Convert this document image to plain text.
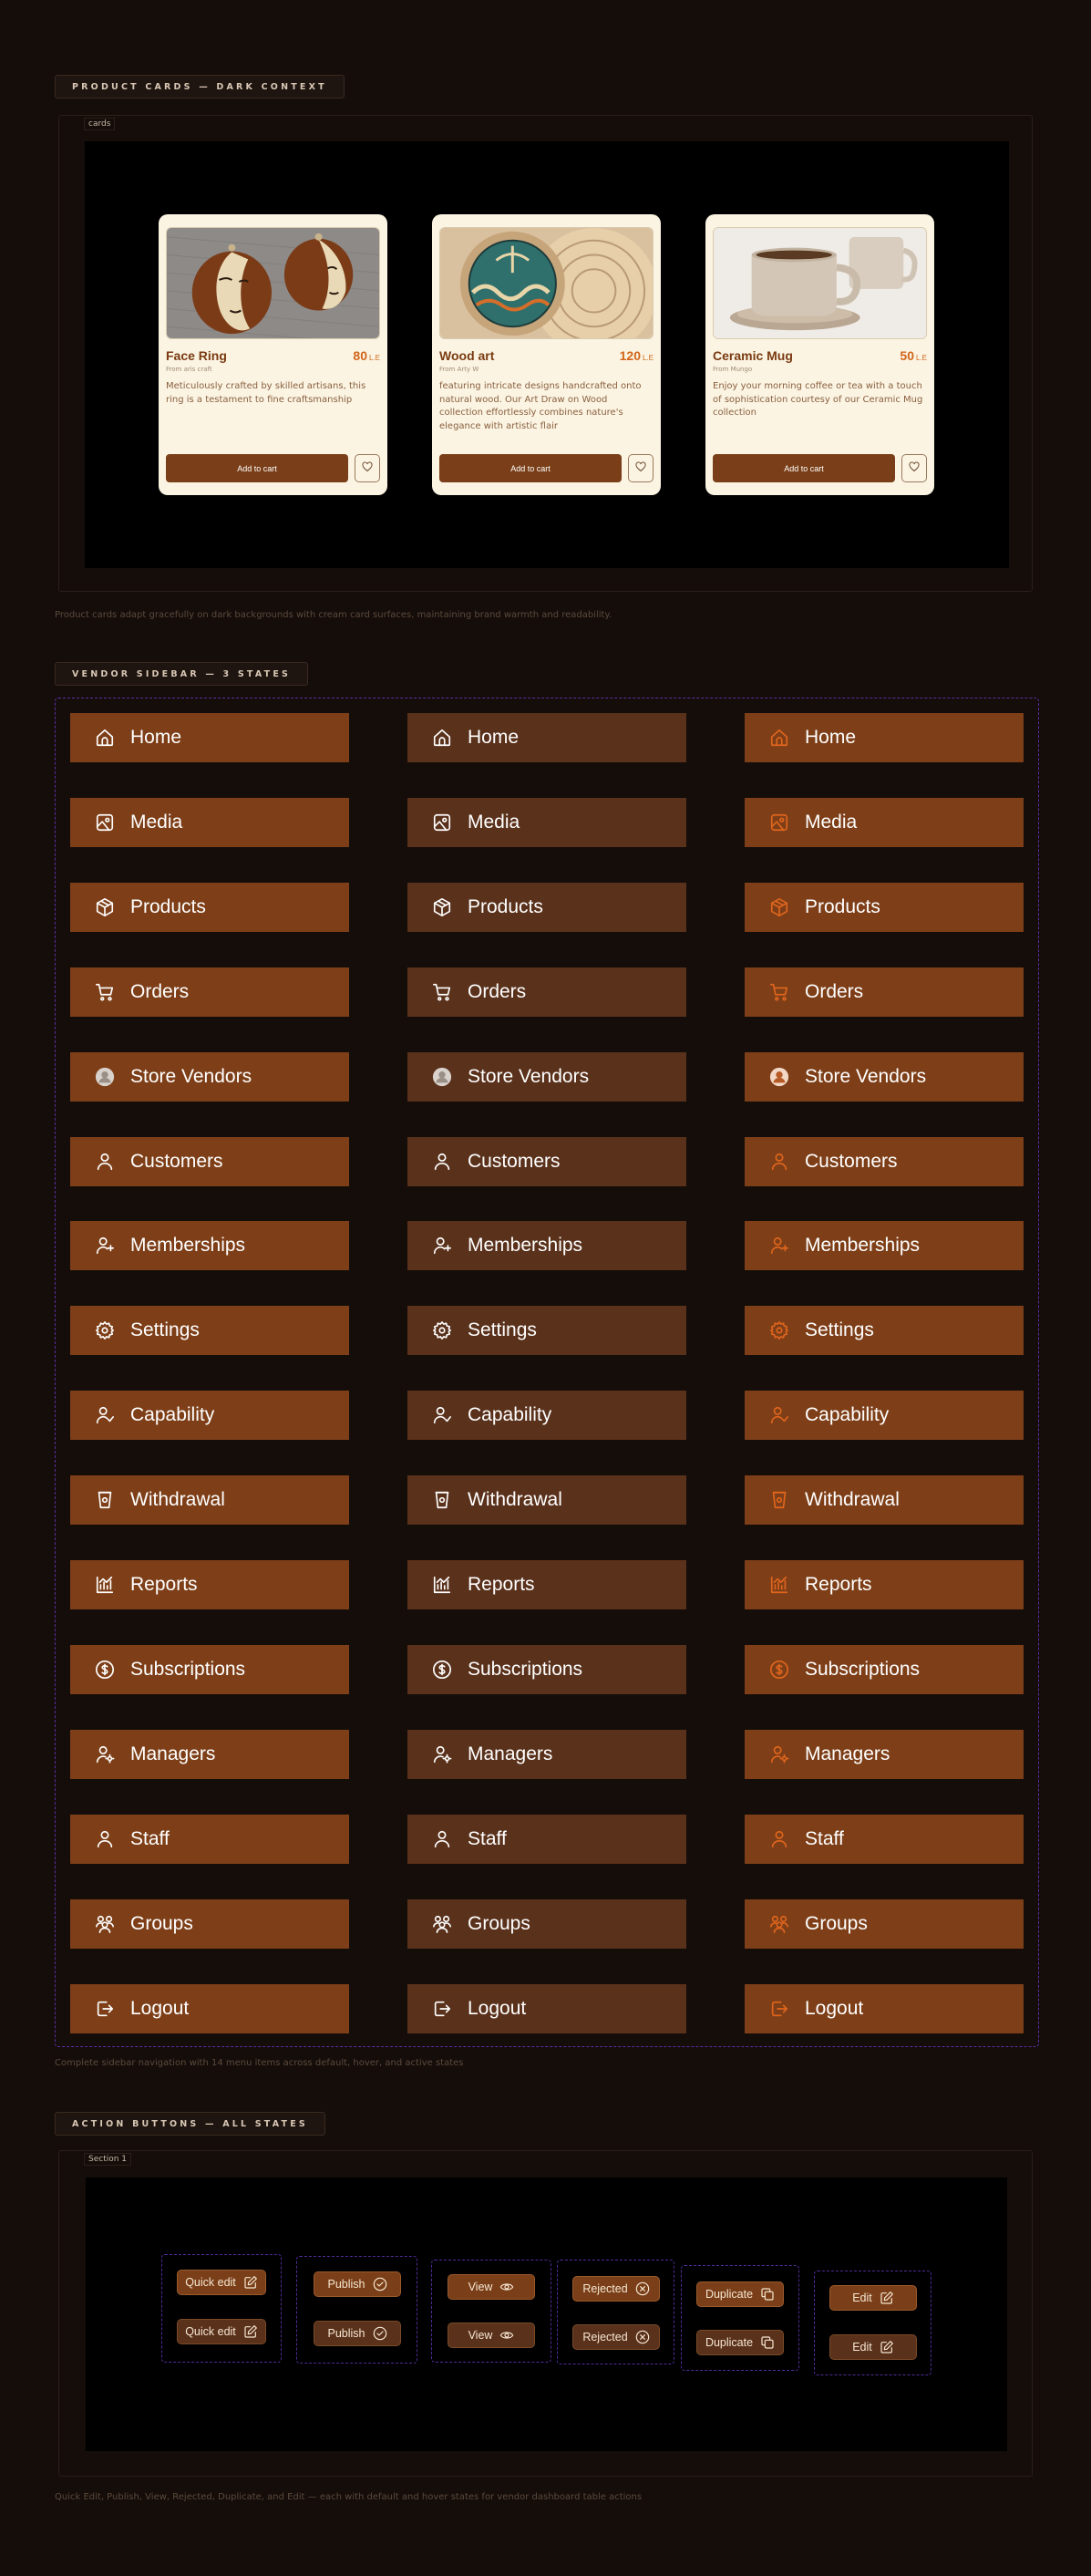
PRODUCT CARDS — DARK CONTEXT
cards
Face Ring	80 L.E
From aris craft
Meticulously crafted by skilled artisans, this ring is a testament to fine craftsmanship
Add to cart
Wood art	120 L.E
From Arty W
featuring intricate designs handcrafted onto natural wood. Our Art Draw on Wood collection effortlessly combines nature's elegance with artistic flair
Add to cart
Ceramic Mug	50 L.E
From Mungo
Enjoy your morning coffee or tea with a touch of sophistication courtesy of our Ceramic Mug collection
Add to cart
Product cards adapt gracefully on dark backgrounds with cream card surfaces, maintaining brand warmth and readability.
VENDOR SIDEBAR — 3 STATES
Home
Media
Products
Orders
Store Vendors
Customers
Memberships
Settings
Capability
Withdrawal
Reports
Subscriptions
Managers
Staff
Groups
Logout
Home
Media
Products
Orders
Store Vendors
Customers
Memberships
Settings
Capability
Withdrawal
Reports
Subscriptions
Managers
Staff
Groups
Logout
Home
Media
Products
Orders
Store Vendors
Customers
Memberships
Settings
Capability
Withdrawal
Reports
Subscriptions
Managers
Staff
Groups
Logout
Complete sidebar navigation with 14 menu items across default, hover, and active states
ACTION BUTTONS — ALL STATES
Section 1
Quick edit
Quick edit
Publish
Publish
View
View
Rejected
Rejected
Duplicate
Duplicate
Edit
Edit
Quick Edit, Publish, View, Rejected, Duplicate, and Edit — each with default and hover states for vendor dashboard table actions
